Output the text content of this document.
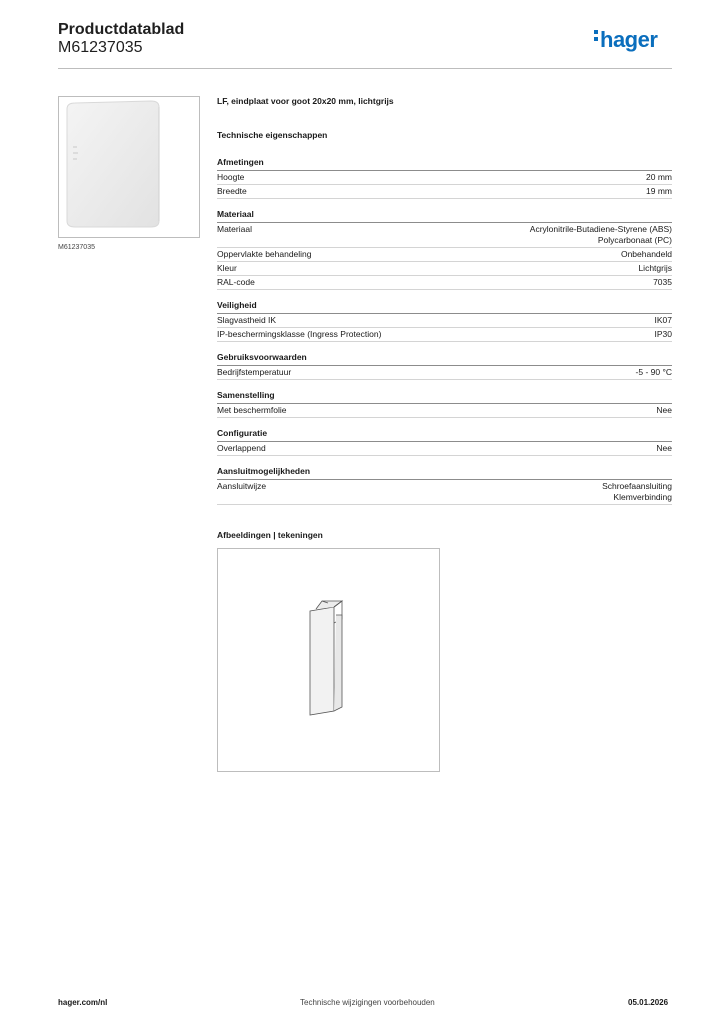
Productdatablad
M61237035	hager
M61237035
LF, eindplaat voor goot 20x20 mm, lichtgrijs
Technische eigenschappen
Afmetingen
Hoogte	20 mm
Breedte	19 mm
Materiaal
Materiaal	Acrylonitrile-Butadiene-Styrene (ABS)
Polycarbonaat (PC)
Oppervlakte behandeling	Onbehandeld
Kleur	Lichtgrijs
RAL-code	7035
Veiligheid
Slagvastheid IK	IK07
IP-beschermingsklasse (Ingress Protection)	IP30
Gebruiksvoorwaarden
Bedrijfstemperatuur	-5 - 90 °C
Samenstelling
Met beschermfolie	Nee
Configuratie
Overlappend	Nee
Aansluitmogelijkheden
Aansluitwijze	Schroefaansluiting
Klemverbinding
Afbeeldingen | tekeningen
hager.com/nl	Technische wijzigingen voorbehouden	05.01.2026
